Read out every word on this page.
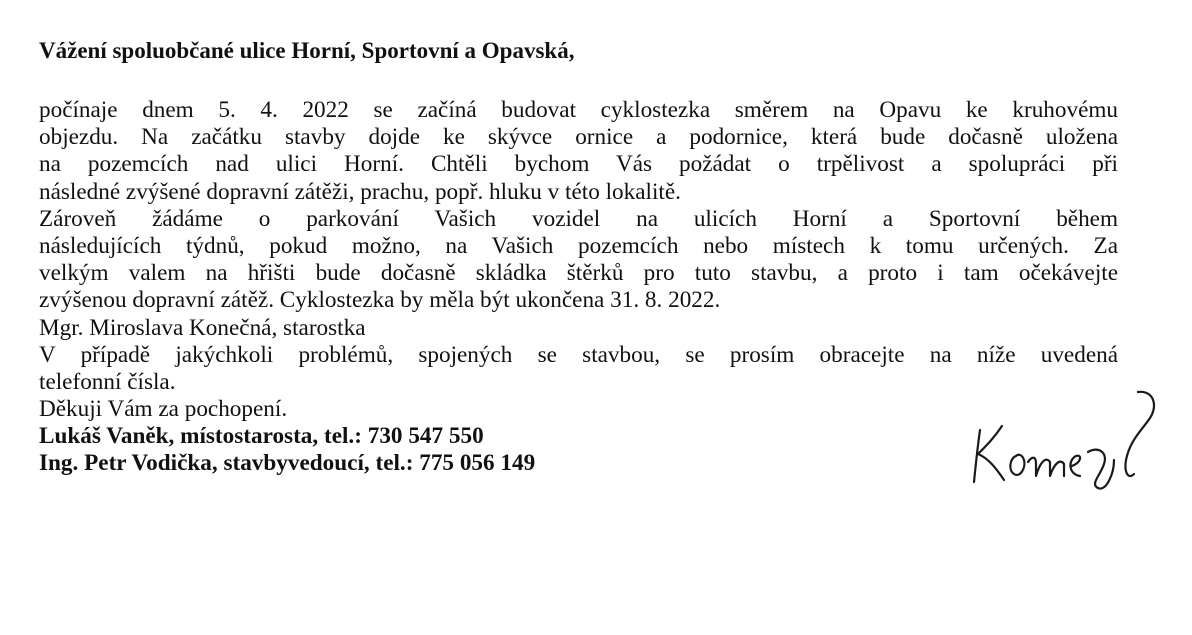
Vážení spoluobčané ulice Horní, Sportovní a Opavská,
počínaje dnem 5. 4. 2022 se začíná budovat cyklostezka směrem na Opavu ke kruhovému
objezdu. Na začátku stavby dojde ke skývce ornice a podornice, která bude dočasně uložena
na pozemcích nad ulici Horní. Chtěli bychom Vás požádat o trpělivost a spolupráci při
následné zvýšené dopravní zátěži, prachu, popř. hluku v této lokalitě.
Zároveň žádáme o parkování Vašich vozidel na ulicích Horní a Sportovní během
následujících týdnů, pokud možno, na Vašich pozemcích nebo místech k tomu určených. Za
velkým valem na hřišti bude dočasně skládka štěrků pro tuto stavbu, a proto i tam očekávejte
zvýšenou dopravní zátěž. Cyklostezka by měla být ukončena 31. 8. 2022.
Mgr. Miroslava Konečná, starostka
V případě jakýchkoli problémů, spojených se stavbou, se prosím obracejte na níže uvedená
telefonní čísla.
Děkuji Vám za pochopení.
Lukáš Vaněk, místostarosta, tel.: 730 547 550
Ing. Petr Vodička, stavbyvedoucí, tel.: 775 056 149
